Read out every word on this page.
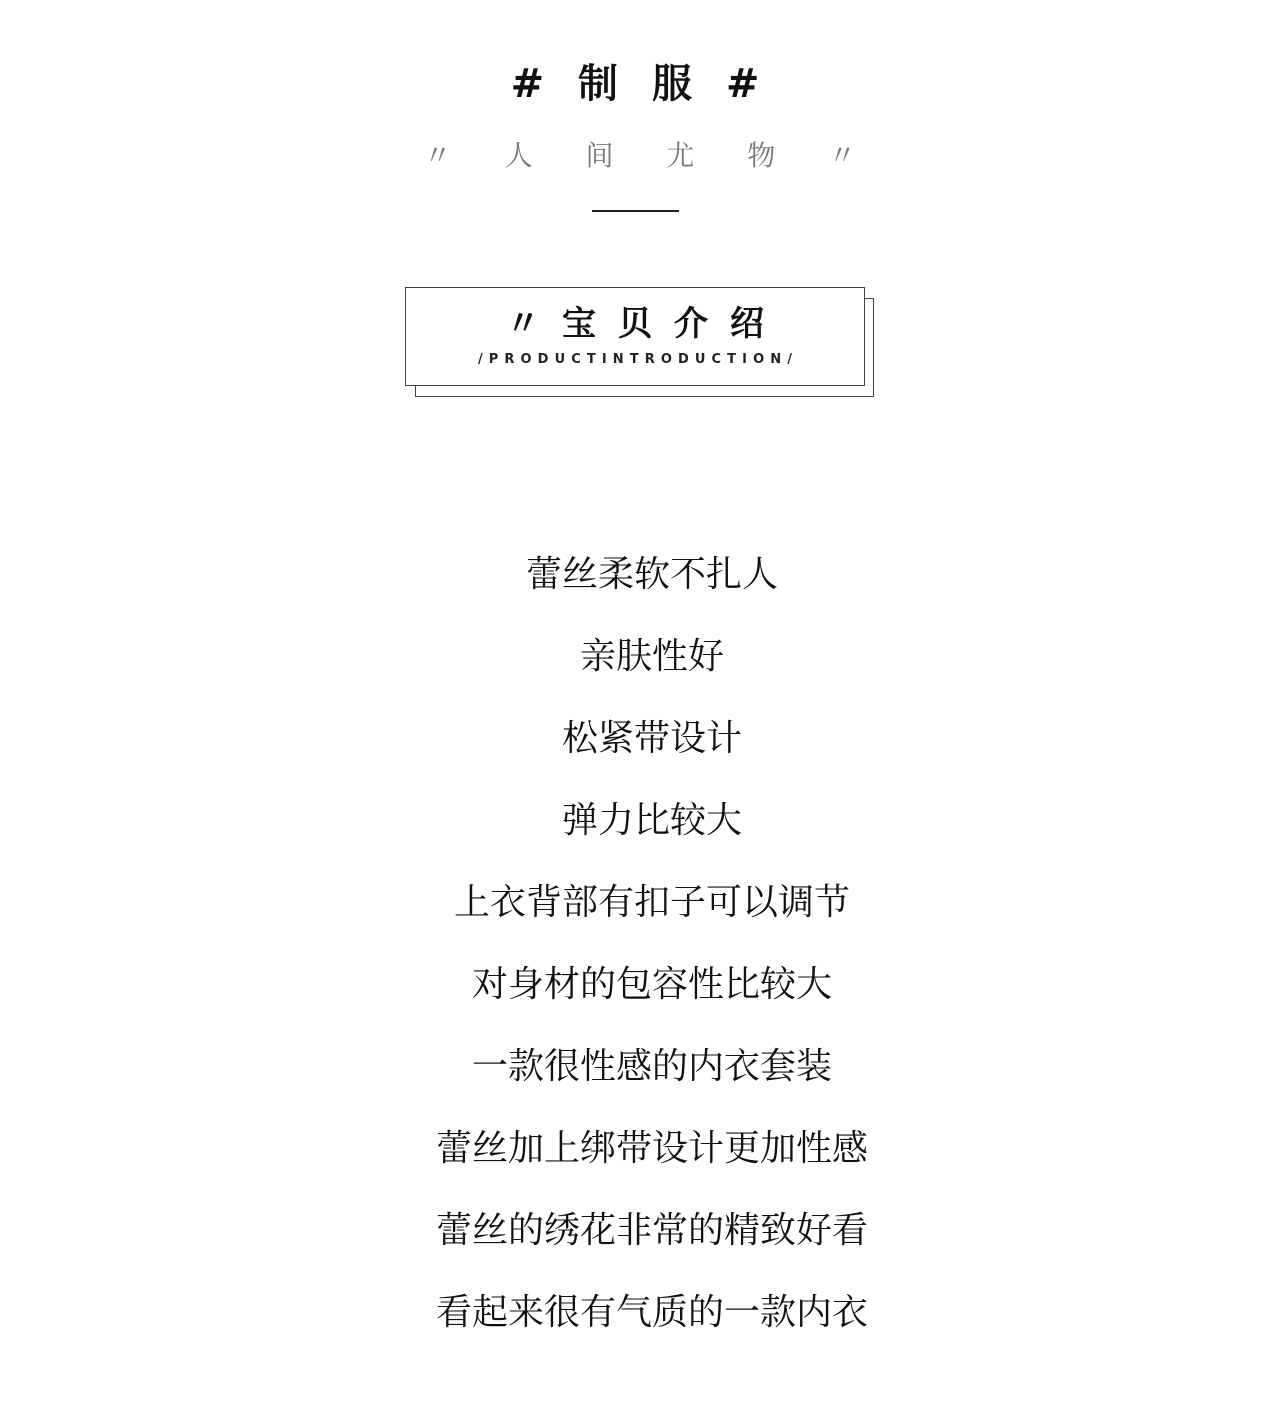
# 制 服 #
〃 人 间 尤 物 〃
〃宝贝介绍
/PRODUCTINTRODUCTION/
蕾丝柔软不扎人
亲肤性好
松紧带设计
弹力比较大
上衣背部有扣子可以调节
对身材的包容性比较大
一款很性感的内衣套装
蕾丝加上绑带设计更加性感
蕾丝的绣花非常的精致好看
看起来很有气质的一款内衣
